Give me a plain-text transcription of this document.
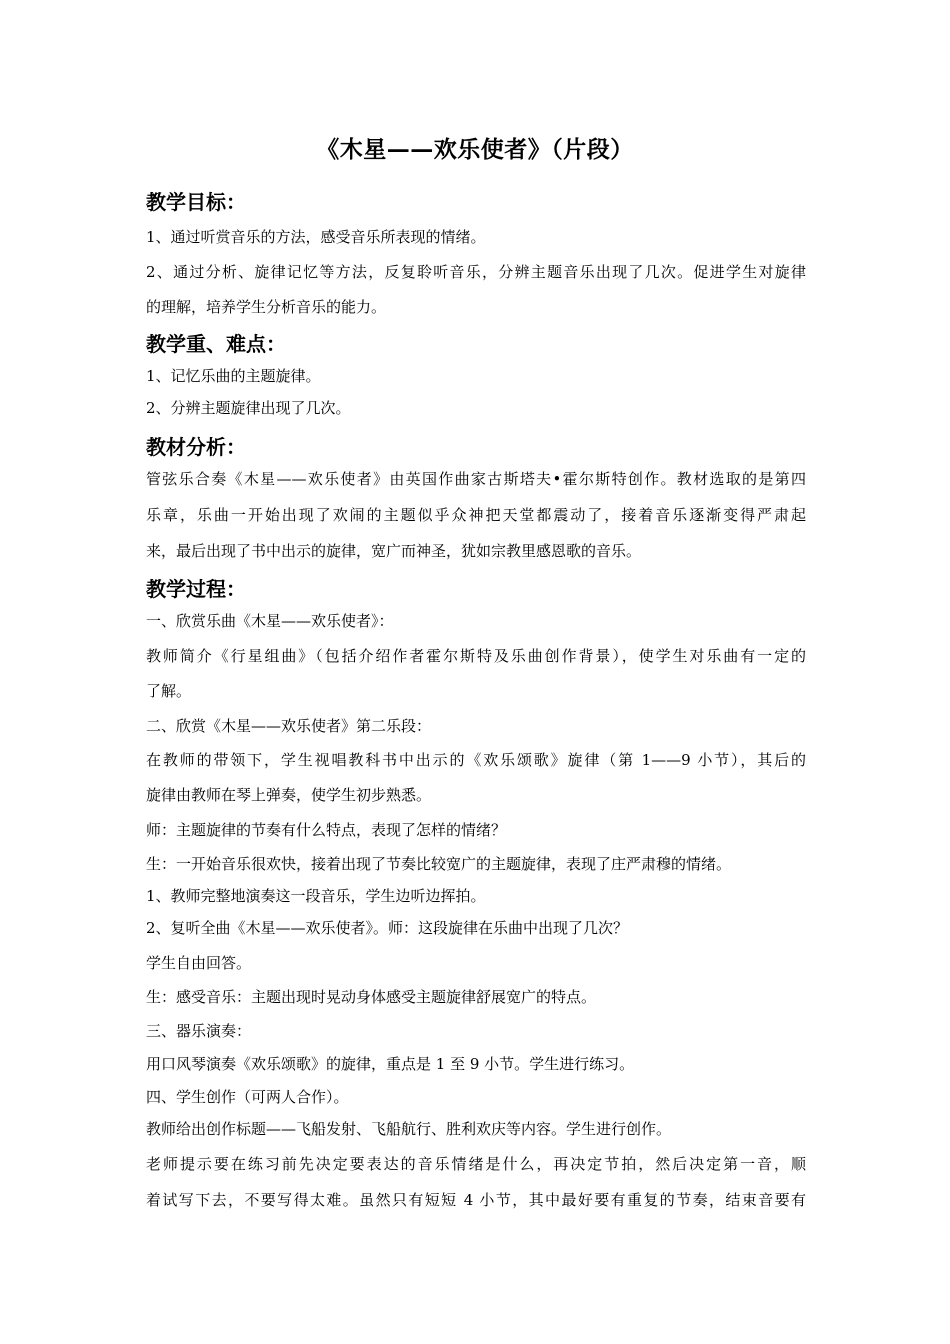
《木星——欢乐使者》（片段）
教学目标：
1、通过听赏音乐的方法，感受音乐所表现的情绪。
2、通过分析、旋律记忆等方法，反复聆听音乐，分辨主题音乐出现了几次。促进学生对旋律
的理解，培养学生分析音乐的能力。
教学重、难点：
1、记忆乐曲的主题旋律。
2、分辨主题旋律出现了几次。
教材分析：
管弦乐合奏《木星——欢乐使者》由英国作曲家古斯塔夫•霍尔斯特创作。教材选取的是第四
乐章，乐曲一开始出现了欢闹的主题似乎众神把天堂都震动了，接着音乐逐渐变得严肃起
来，最后出现了书中出示的旋律，宽广而神圣，犹如宗教里感恩歌的音乐。
教学过程：
一、欣赏乐曲《木星——欢乐使者》：
教师简介《行星组曲》（包括介绍作者霍尔斯特及乐曲创作背景），使学生对乐曲有一定的
了解。
二、欣赏《木星——欢乐使者》第二乐段：
在教师的带领下，学生视唱教科书中出示的《欢乐颂歌》旋律（第 1——9 小节），其后的
旋律由教师在琴上弹奏，使学生初步熟悉。
师：主题旋律的节奏有什么特点，表现了怎样的情绪？
生：一开始音乐很欢快，接着出现了节奏比较宽广的主题旋律，表现了庄严肃穆的情绪。
1、教师完整地演奏这一段音乐，学生边听边挥拍。
2、复听全曲《木星——欢乐使者》。师：这段旋律在乐曲中出现了几次？
学生自由回答。
生：感受音乐：主题出现时晃动身体感受主题旋律舒展宽广的特点。
三、器乐演奏：
用口风琴演奏《欢乐颂歌》的旋律，重点是 1 至 9 小节。学生进行练习。
四、学生创作（可两人合作）。
教师给出创作标题——飞船发射、飞船航行、胜利欢庆等内容。学生进行创作。
老师提示要在练习前先决定要表达的音乐情绪是什么，再决定节拍，然后决定第一音，顺
着试写下去，不要写得太难。虽然只有短短 4 小节，其中最好要有重复的节奏，结束音要有
